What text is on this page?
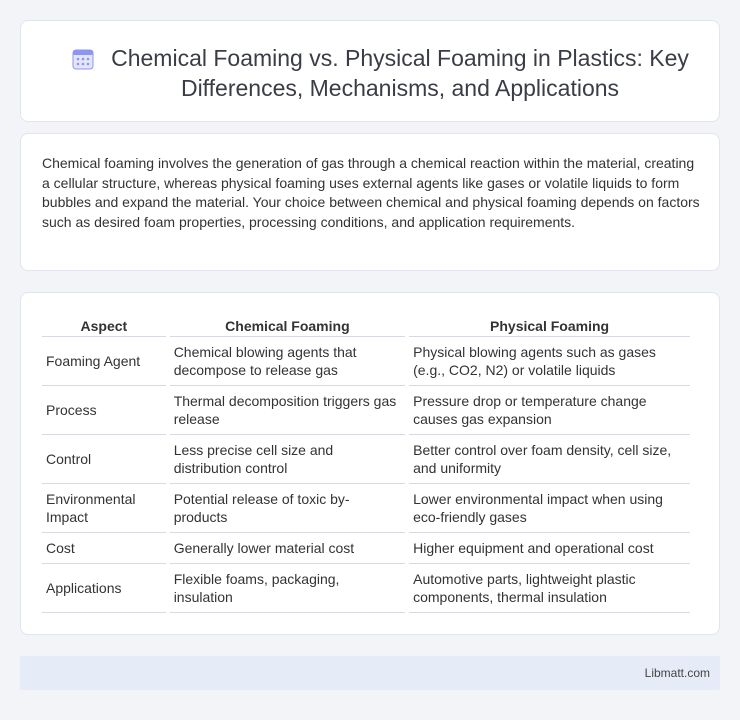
Chemical Foaming vs. Physical Foaming in Plastics: Key Differences, Mechanisms, and Applications

Chemical foaming involves the generation of gas through a chemical reaction within the material, creating a cellular structure, whereas physical foaming uses external agents like gases or volatile liquids to form bubbles and expand the material. Your choice between chemical and physical foaming depends on factors such as desired foam properties, processing conditions, and application requirements.

Aspect	Chemical Foaming	Physical Foaming
Foaming Agent	Chemical blowing agents that decompose to release gas	Physical blowing agents such as gases (e.g., CO2, N2) or volatile liquids
Process	Thermal decomposition triggers gas release	Pressure drop or temperature change causes gas expansion
Control	Less precise cell size and distribution control	Better control over foam density, cell size, and uniformity
Environmental Impact	Potential release of toxic by-products	Lower environmental impact when using eco-friendly gases
Cost	Generally lower material cost	Higher equipment and operational cost
Applications	Flexible foams, packaging, insulation	Automotive parts, lightweight plastic components, thermal insulation
Libmatt.com
